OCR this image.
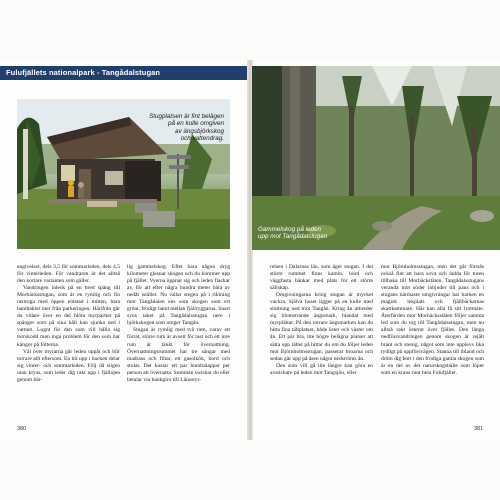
Fulufjällets nationalpark - Tangådalstugan
Stugplatsen är fint belägen
på en kulle omgiven
av ängsbjörkskog
och vattendrag.
Gammelskog på leden
upp mot Tangådalstugan

angivelser, dels 3,5 för sommarleden, dels 4,5 för vinterleden. För vandraren är det alltså den kortare varianten som gäller.

Vandringen inleds på en bred spång till Morbäcksstugan, som är en rymlig och fin rastruga med öppen eldstad i mitten, bara handtaklet mer från parkeringen. Härifrån går du vidare över en del blöta myrpartier på spänger som på sina håll kan sjunka ned i vattnet. Lugnt för den som vill hålla sig torrskodd men inga problem för den som har kängor på fötterna.

Väl över myrarna går leden uppåt och blir torrare allt eftersom. En bit upp i backen delar sig vinter- och sommarleden. Följ då stigen utan kryss, som leder dig rakt upp i fjällnjen genom här-

lig gammelskog. Efter bara någon dryg kilometer glesnar skogen och du kommer upp på fjället. Vyerna öppnar sig och leden flackar av, för att efter några hundra meter bära av nedåt istället. Nu rullar stegen på i riktning mot Tangådalen ens som skogen som ert grönt, frodigt band mellan fjällryggarna. Snart syns taket på Tangådalsstugan nere i björkskogen som omger Tangån.

Stugan är rymlig med två rum, varav ett förrat, större rum är avsett för rast och ett inre rum är tänkt för övernattning. Övernattningsrummet har tre sängar med madrass och filtar, ett gasolkök, bord och stolar. Det kostar ett par hundralappar per person att övernatta. Summan swishar du eller betalar via bankgiro till Länsstyr-

relsen i Dalarnas län, som äger stugan. I det större rummet finns kamin, bord och väggfasta bänkar med plats för ett större sällskap.

Omgivningarna kring stugan är mycket vackra. Själva huset ligger på en kulle med sluttning ned mot Tangån. Kring ån utbreder sig blomstrande ängsmark, blandat med myrplättar. På den torrare ängsmarken kan du hitta fina tältplatser, både öster och väster om ån. Ett par bra, lite högre belägna platser att sätta upp tältet på hittar du om du följer leden mot Björnholmsstugan, passerar broarna och sedan går upp på åsen något nedströms ån.

Den som vill gå lite längre kan göra en avstickare på leden mot Tangsjön, eller

mot Björnholmsstugan, men det går förstås också fint att bara sova och ladda för turen tillbaka till Morbäckstäten. Tangådalsstugans veranda mot söder inbjuder till paus och i stugans närmaste omgivningar har barnen en magisk lekplats och fjällbäckarnas skattkammare. Här kan alla få sitt lystmäte. Återfärden mot Morbäcksstäten följer samma led som du tog till Tangådalsstugan, men nu alltså rakt österut över fjället. Den långa nedförsvandringen genom skogen är rejält brant och stenig, något som inte upplevs lika tydligt på uppförsvägen. Stanna till ibland och dröm dig bort i den frodiga gamla skogen som är en del av det naturskogsbälte som löper som en krans runt hela Fulufjället.

380	381
